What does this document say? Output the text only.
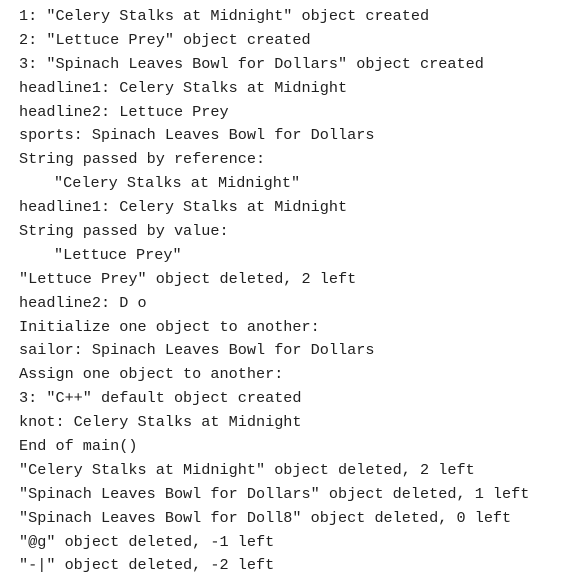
1: "Celery Stalks at Midnight" object created
2: "Lettuce Prey" object created
3: "Spinach Leaves Bowl for Dollars" object created
headline1: Celery Stalks at Midnight
headline2: Lettuce Prey
sports: Spinach Leaves Bowl for Dollars
String passed by reference:
"Celery Stalks at Midnight"
headline1: Celery Stalks at Midnight
String passed by value:
"Lettuce Prey"
"Lettuce Prey" object deleted, 2 left
headline2: D o
Initialize one object to another:
sailor: Spinach Leaves Bowl for Dollars
Assign one object to another:
3: "C++" default object created
knot: Celery Stalks at Midnight
End of main()
"Celery Stalks at Midnight" object deleted, 2 left
"Spinach Leaves Bowl for Dollars" object deleted, 1 left
"Spinach Leaves Bowl for Doll8" object deleted, 0 left
"@g" object deleted, -1 left
"-|" object deleted, -2 left
